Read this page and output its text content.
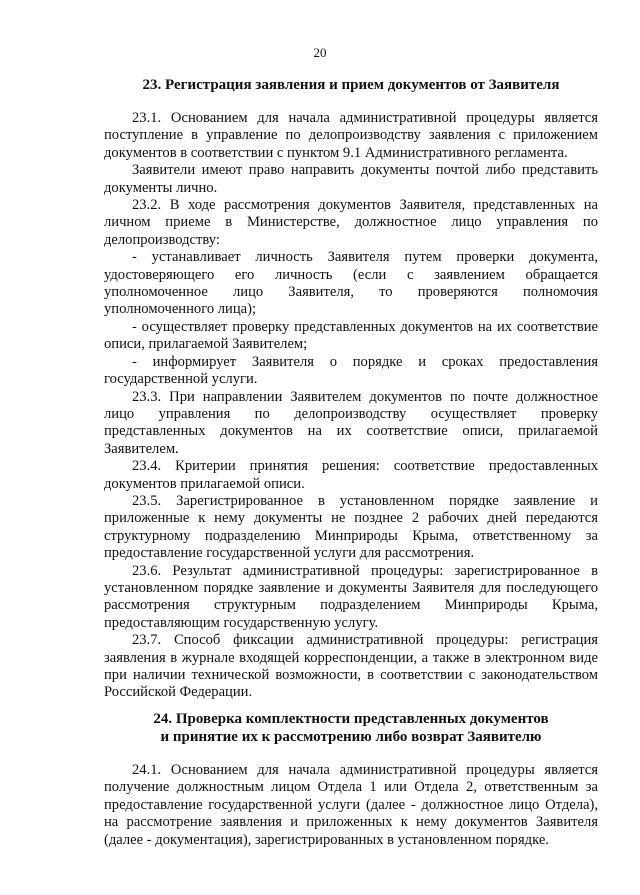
20
23. Регистрация заявления и прием документов от Заявителя

23.1. Основанием для начала административной процедуры является поступление в управление по делопроизводству заявления с приложением документов в соответствии с пунктом 9.1 Административного регламента.

Заявители имеют право направить документы почтой либо представить документы лично.

23.2. В ходе рассмотрения документов Заявителя, представленных на личном приеме в Министерстве, должностное лицо управления по делопроизводству:

- устанавливает личность Заявителя путем проверки документа, удостоверяющего его личность (если с заявлением обращается уполномоченное лицо Заявителя, то проверяются полномочия уполномоченного лица);

- осуществляет проверку представленных документов на их соответствие описи, прилагаемой Заявителем;

- информирует Заявителя о порядке и сроках предоставления государственной услуги.

23.3. При направлении Заявителем документов по почте должностное лицо управления по делопроизводству осуществляет проверку представленных документов на их соответствие описи, прилагаемой Заявителем.

23.4. Критерии принятия решения: соответствие предоставленных документов прилагаемой описи.

23.5. Зарегистрированное в установленном порядке заявление и приложенные к нему документы не позднее 2 рабочих дней передаются структурному подразделению Минприроды Крыма, ответственному за предоставление государственной услуги для рассмотрения.

23.6. Результат административной процедуры: зарегистрированное в установленном порядке заявление и документы Заявителя для последующего рассмотрения структурным подразделением Минприроды Крыма, предоставляющим государственную услугу.

23.7. Способ фиксации административной процедуры: регистрация заявления в журнале входящей корреспонденции, а также в электронном виде при наличии технической возможности, в соответствии с законодательством Российской Федерации.

24. Проверка комплектности представленных документов
и принятие их к рассмотрению либо возврат Заявителю

24.1. Основанием для начала административной процедуры является получение должностным лицом Отдела 1 или Отдела 2, ответственным за предоставление государственной услуги (далее - должностное лицо Отдела), на рассмотрение заявления и приложенных к нему документов Заявителя (далее - документация), зарегистрированных в установленном порядке.
